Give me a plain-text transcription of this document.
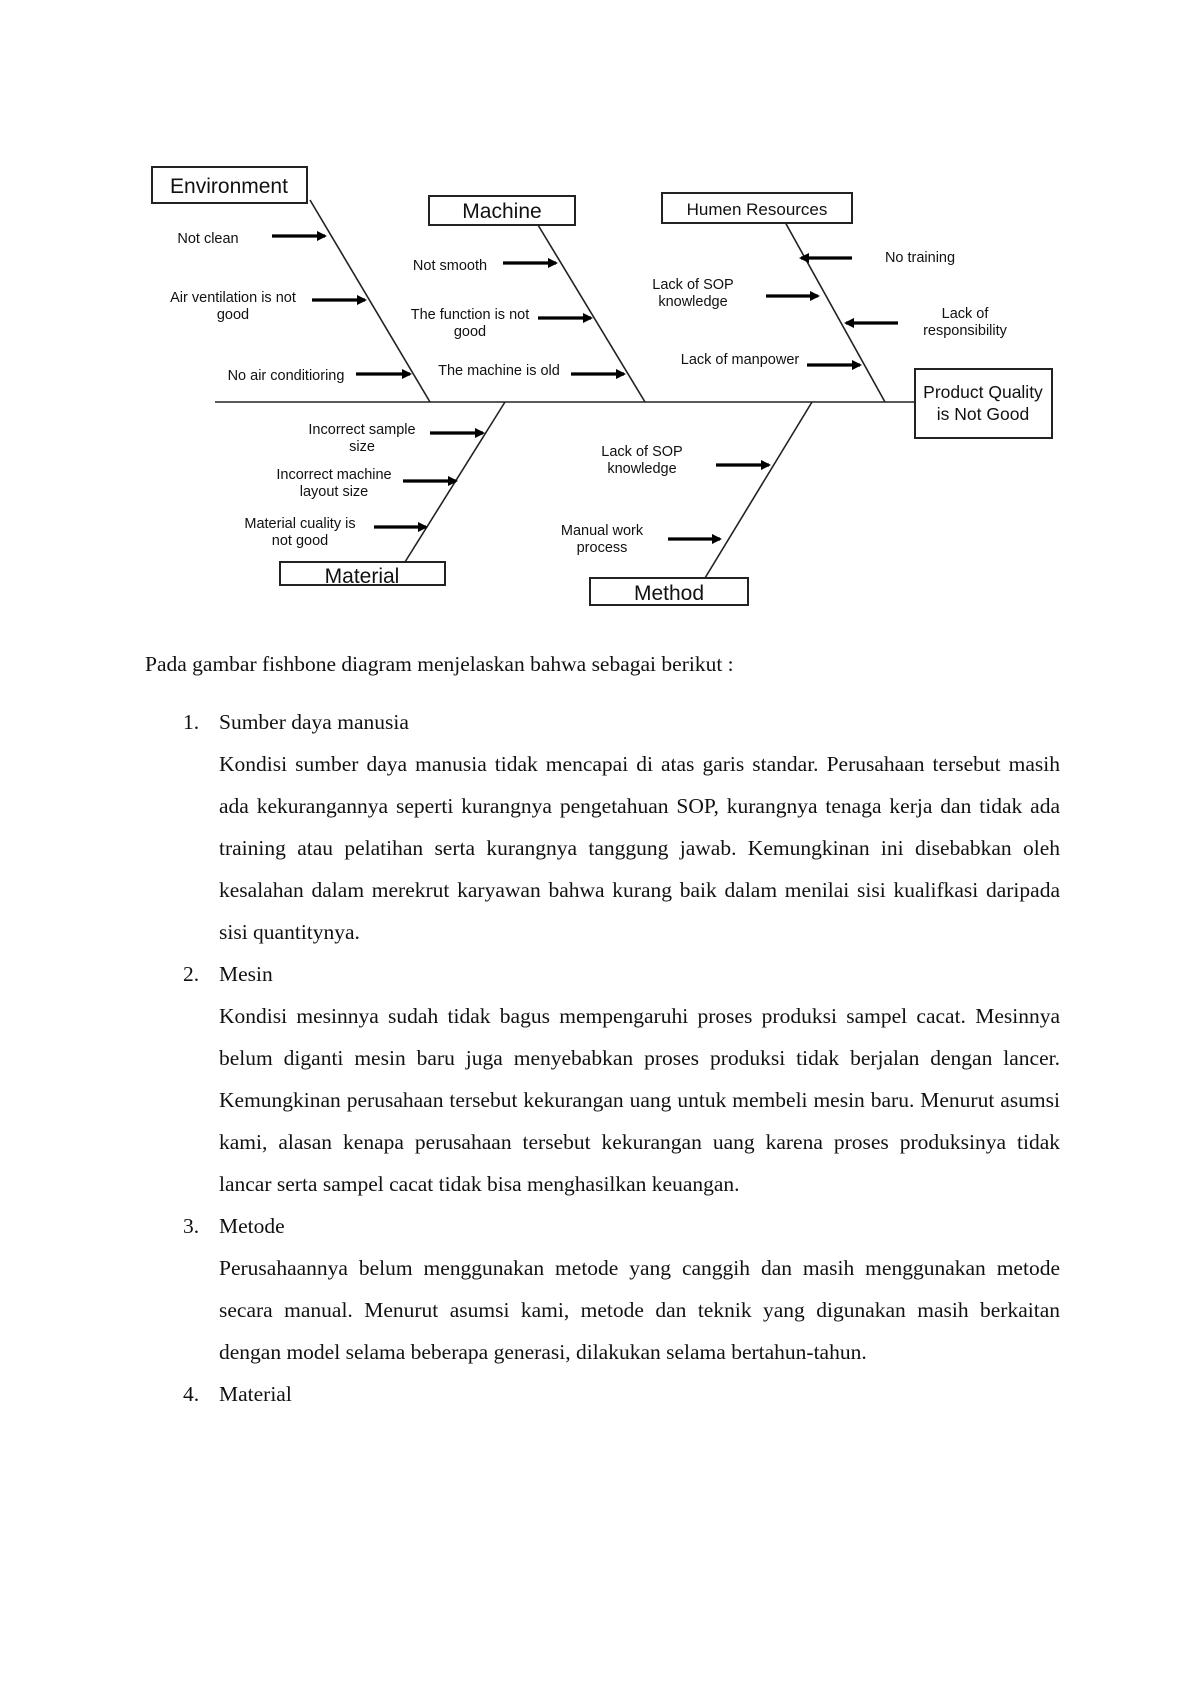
Product Quality
is Not Good
Environment
Machine	Humen Resources
Material
Method
Not clean
Air ventilation is not
good
No air conditioring
Not smooth
The function is not
good
The machine is old
No training
Lack of SOP
knowledge
Lack of
responsibility
Lack of manpower
Incorrect sample
size
Incorrect machine
layout size
Material cuality is
not good
Lack of SOP
knowledge
Manual work
process

Pada gambar fishbone diagram menjelaskan bahwa sebagai berikut :

1. Sumber daya manusia
Kondisi sumber daya manusia tidak mencapai di atas garis standar. Perusahaan tersebut masih ada kekurangannya seperti kurangnya pengetahuan SOP, kurangnya tenaga kerja dan tidak ada training atau pelatihan serta kurangnya tanggung jawab. Kemungkinan ini disebabkan oleh kesalahan dalam merekrut karyawan bahwa kurang baik dalam menilai sisi kualifkasi daripada sisi quantitynya.
2. Mesin
Kondisi mesinnya sudah tidak bagus mempengaruhi proses produksi sampel cacat. Mesinnya belum diganti mesin baru juga menyebabkan proses produksi tidak berjalan dengan lancer. Kemungkinan perusahaan tersebut kekurangan uang untuk membeli mesin baru. Menurut asumsi kami, alasan kenapa perusahaan tersebut kekurangan uang karena proses produksinya tidak lancar serta sampel cacat tidak bisa menghasilkan keuangan.
3. Metode
Perusahaannya belum menggunakan metode yang canggih dan masih menggunakan metode secara manual. Menurut asumsi kami, metode dan teknik yang digunakan masih berkaitan dengan model selama beberapa generasi, dilakukan selama bertahun-tahun.
4. Material
